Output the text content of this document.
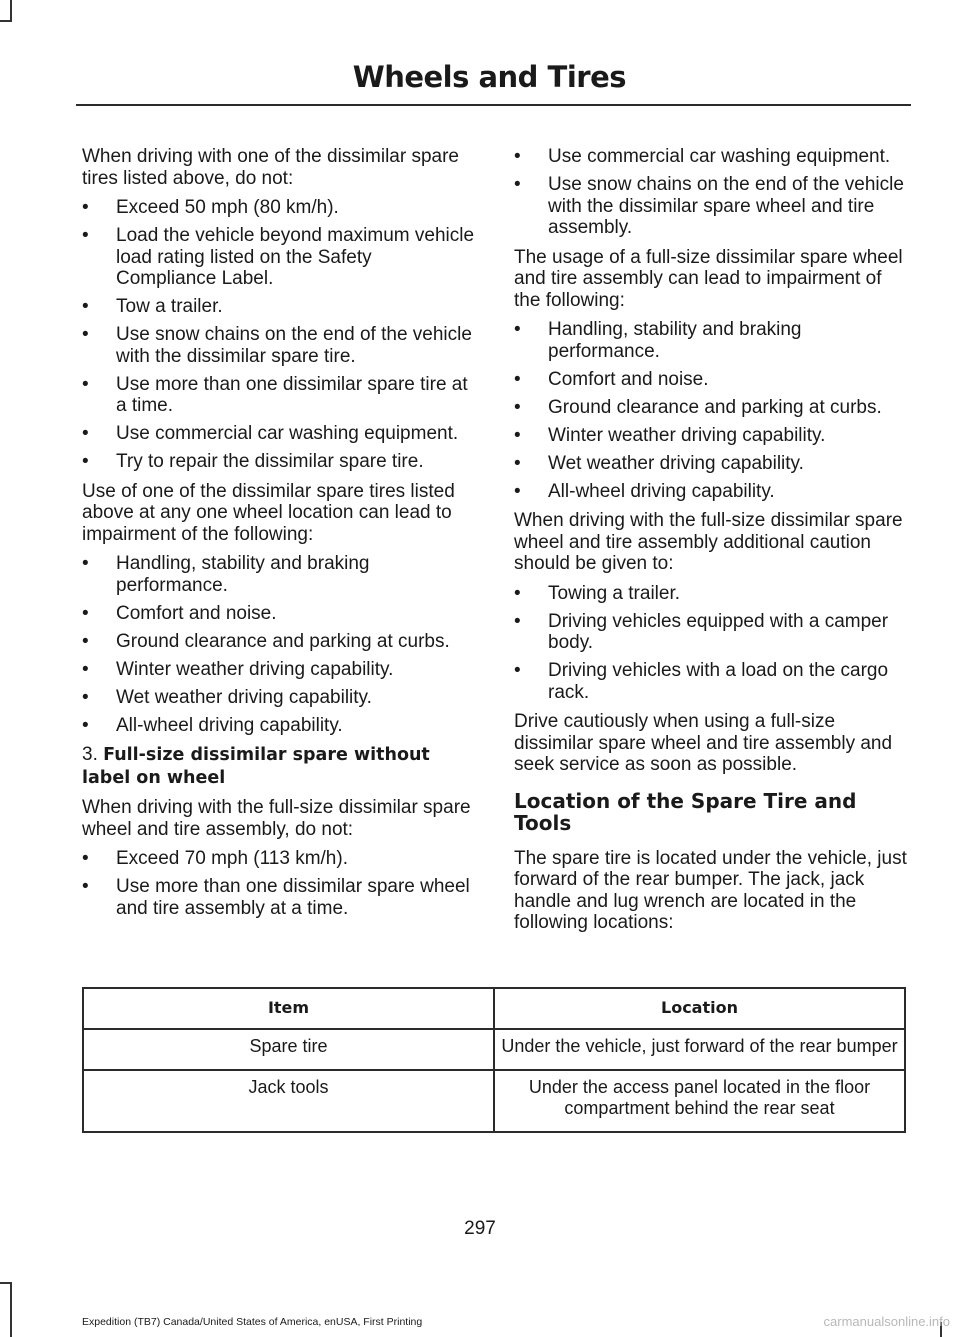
Wheels and Tires

When driving with one of the dissimilar spare tires listed above, do not:

• Exceed 50 mph (80 km/h).
• Load the vehicle beyond maximum vehicle load rating listed on the Safety Compliance Label.
• Tow a trailer.
• Use snow chains on the end of the vehicle with the dissimilar spare tire.
• Use more than one dissimilar spare tire at a time.
• Use commercial car washing equipment.
• Try to repair the dissimilar spare tire.

Use of one of the dissimilar spare tires listed above at any one wheel location can lead to impairment of the following:

• Handling, stability and braking performance.
• Comfort and noise.
• Ground clearance and parking at curbs.
• Winter weather driving capability.
• Wet weather driving capability.
• All-wheel driving capability.

3. Full-size dissimilar spare without label on wheel

When driving with the full-size dissimilar spare wheel and tire assembly, do not:

• Exceed 70 mph (113 km/h).
• Use more than one dissimilar spare wheel and tire assembly at a time.
• Use commercial car washing equipment.
• Use snow chains on the end of the vehicle with the dissimilar spare wheel and tire assembly.

The usage of a full-size dissimilar spare wheel and tire assembly can lead to impairment of the following:

• Handling, stability and braking performance.
• Comfort and noise.
• Ground clearance and parking at curbs.
• Winter weather driving capability.
• Wet weather driving capability.
• All-wheel driving capability.

When driving with the full-size dissimilar spare wheel and tire assembly additional caution should be given to:

• Towing a trailer.
• Driving vehicles equipped with a camper body.
• Driving vehicles with a load on the cargo rack.

Drive cautiously when using a full-size dissimilar spare wheel and tire assembly and seek service as soon as possible.

Location of the Spare Tire and Tools

The spare tire is located under the vehicle, just forward of the rear bumper. The jack, jack handle and lug wrench are located in the following locations:

Item	Location
Spare tire	Under the vehicle, just forward of the rear bumper
Jack tools	Under the access panel located in the floor compartment behind the rear seat

297

Expedition (TB7) Canada/United States of America, enUSA, First Printing	carmanualsonline.info
